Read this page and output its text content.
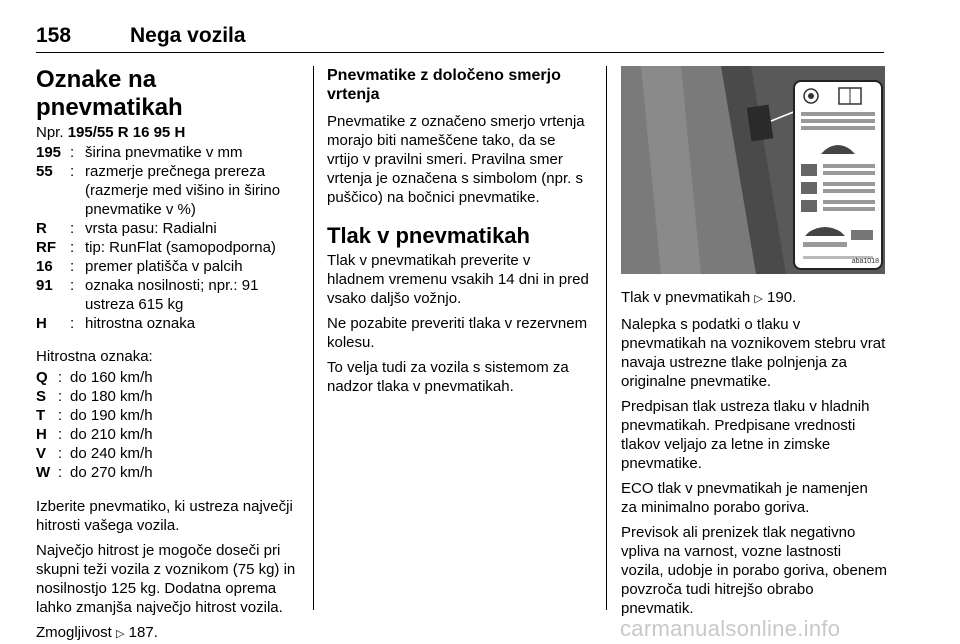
158	Nega vozila
Oznake na pnevmatikah

Npr. 195/55 R 16 95 H

195 : širina pnevmatike v mm
55	: razmerje prečnega prereza (razmerje med višino in širino pnevmatike v %)
R	: vrsta pasu: Radialni
RF : tip: RunFlat (samopodporna)
16	: premer platišča v palcih
91	: oznaka nosilnosti; npr.: 91 ustreza 615 kg
H	: hitrostna oznaka

Hitrostna oznaka:

Q : do 160 km/h
S : do 180 km/h
T : do 190 km/h
H : do 210 km/h
V : do 240 km/h
W : do 270 km/h

Izberite pnevmatiko, ki ustreza največji hitrosti vašega vozila.

Največjo hitrost je mogoče doseči pri skupni teži vozila z voznikom (75 kg) in nosilnostjo 125 kg. Dodatna oprema lahko zmanjša največjo hitrost vozila.

Zmogljivost ▷ 187.

Pnevmatike z določeno smerjo vrtenja

Pnevmatike z označeno smerjo vrtenja morajo biti nameščene tako, da se vrtijo v pravilni smeri. Pravilna smer vrtenja je označena s simbolom (npr. s puščico) na bočnici pnevmatike.

Tlak v pnevmatikah

Tlak v pnevmatikah preverite v hladnem vremenu vsakih 14 dni in pred vsako daljšo vožnjo.

Ne pozabite preveriti tlaka v rezervnem kolesu.

To velja tudi za vozila s sistemom za nadzor tlaka v pnevmatikah.

aba1018

Tlak v pnevmatikah ▷ 190.

Nalepka s podatki o tlaku v pnevmatikah na voznikovem stebru vrat navaja ustrezne tlake polnjenja za originalne pnevmatike.

Predpisan tlak ustreza tlaku v hladnih pnevmatikah. Predpisane vrednosti tlakov veljajo za letne in zimske pnevmatike.

ECO tlak v pnevmatikah je namenjen za minimalno porabo goriva.

Previsok ali prenizek tlak negativno vpliva na varnost, vozne lastnosti vozila, udobje in porabo goriva, obenem povzroča tudi hitrejšo obrabo pnevmatik.

carmanualsonline.info
